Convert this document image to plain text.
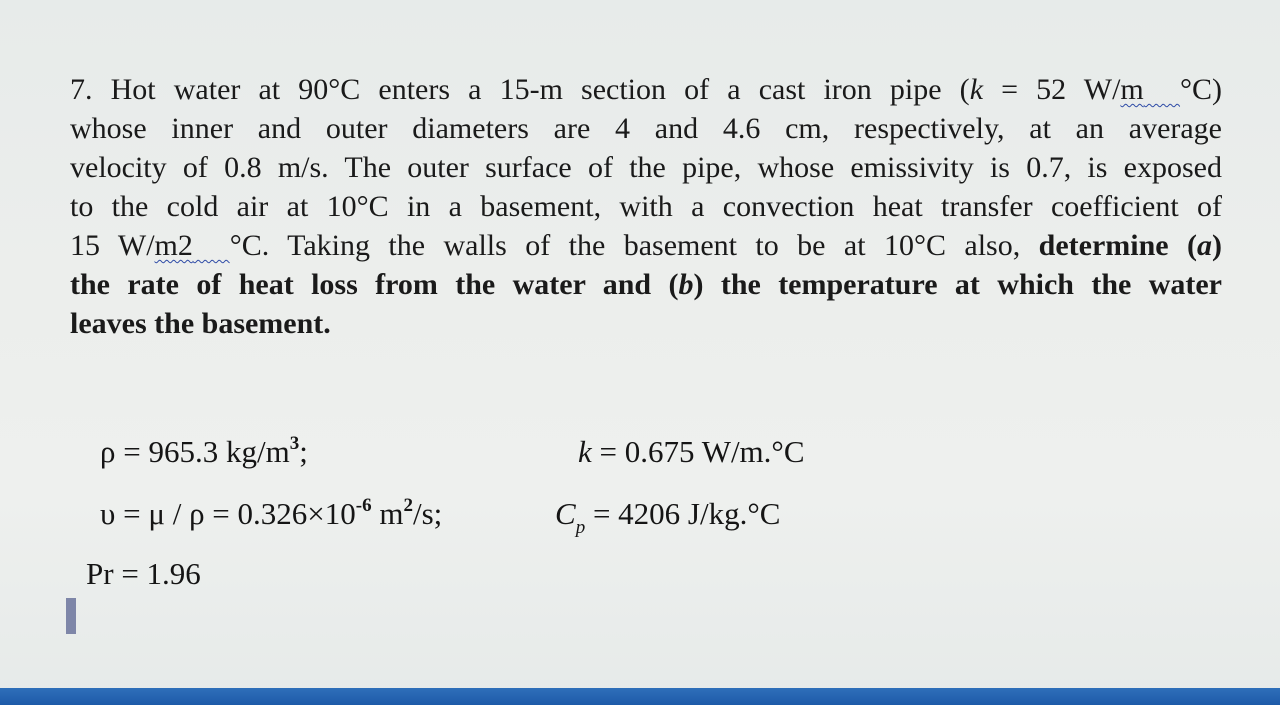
7. Hot water at 90°C enters a 15-m section of a cast iron pipe (k = 52 W/m °C)
whose inner and outer diameters are 4 and 4.6 cm, respectively, at an average
velocity of 0.8 m/s. The outer surface of the pipe, whose emissivity is 0.7, is exposed
to the cold air at 10°C in a basement, with a convection heat transfer coefficient of
15 W/m2 °C. Taking the walls of the basement to be at 10°C also, determine (a)
the rate of heat loss from the water and (b) the temperature at which the water
leaves the basement.
ρ = 965.3 $kg/m^3$;	k = 0.675 W/m.°C
$\upsilon = \mu / \rho = 0.326\times 10^{-6}$ $m^2/s$;	$C_p = 4206$ J/kg.°C
Pr = 1.96
